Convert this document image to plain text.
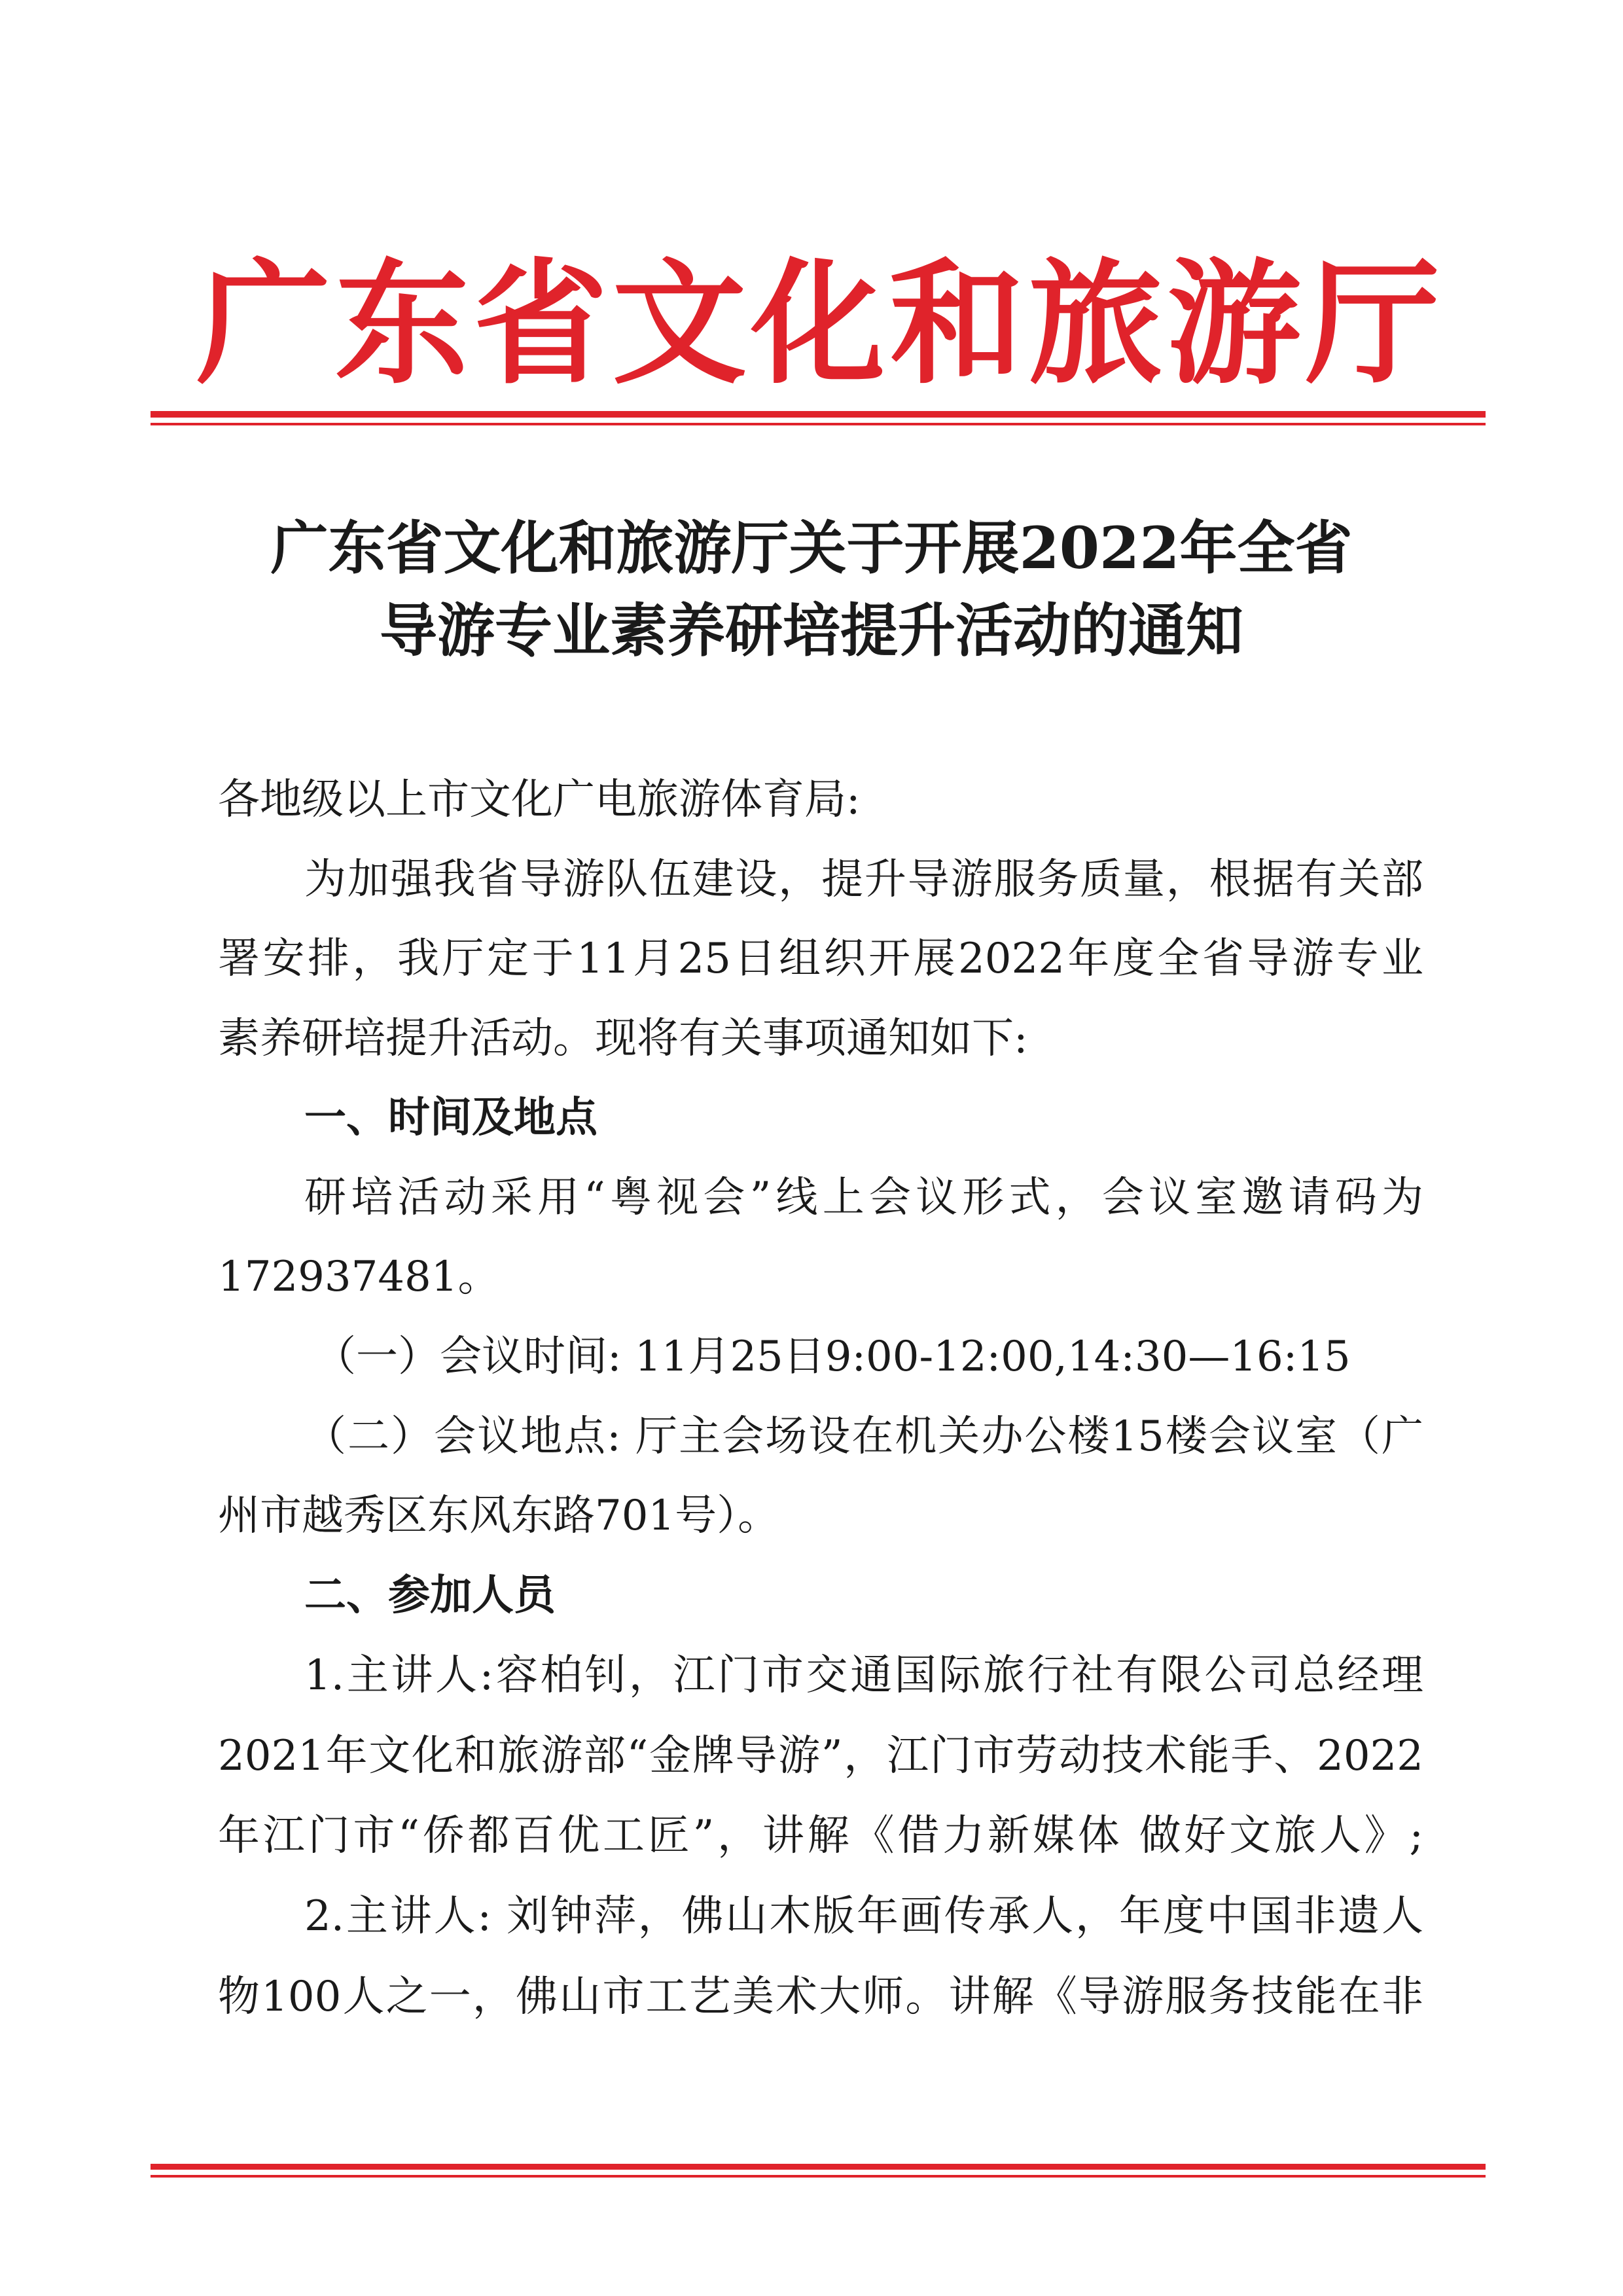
广东省文化和旅游厅
广东省文化和旅游厅关于开展2022年全省
导游专业素养研培提升活动的通知
各地级以上市文化广电旅游体育局:
为加强我省导游队伍建设，提升导游服务质量，根据有关部
署安排，我厅定于11月25日组织开展2022年度全省导游专业
素养研培提升活动。现将有关事项通知如下:
一、时间及地点
研培活动采用“粤视会”线上会议形式，会议室邀请码为
172937481。
（一）会议时间: 11月25日9:00-12:00,14:30—16:15
（二）会议地点: 厅主会场设在机关办公楼15楼会议室（广
州市越秀区东风东路701号）。
二、参加人员
1.主讲人:容柏钊，江门市交通国际旅行社有限公司总经理
2021年文化和旅游部“金牌导游”，江门市劳动技术能手、2022
年江门市“侨都百优工匠”，讲解《借力新媒体 做好文旅人》;
2.主讲人: 刘钟萍，佛山木版年画传承人，年度中国非遗人
物100人之一，佛山市工艺美术大师。讲解《导游服务技能在非
